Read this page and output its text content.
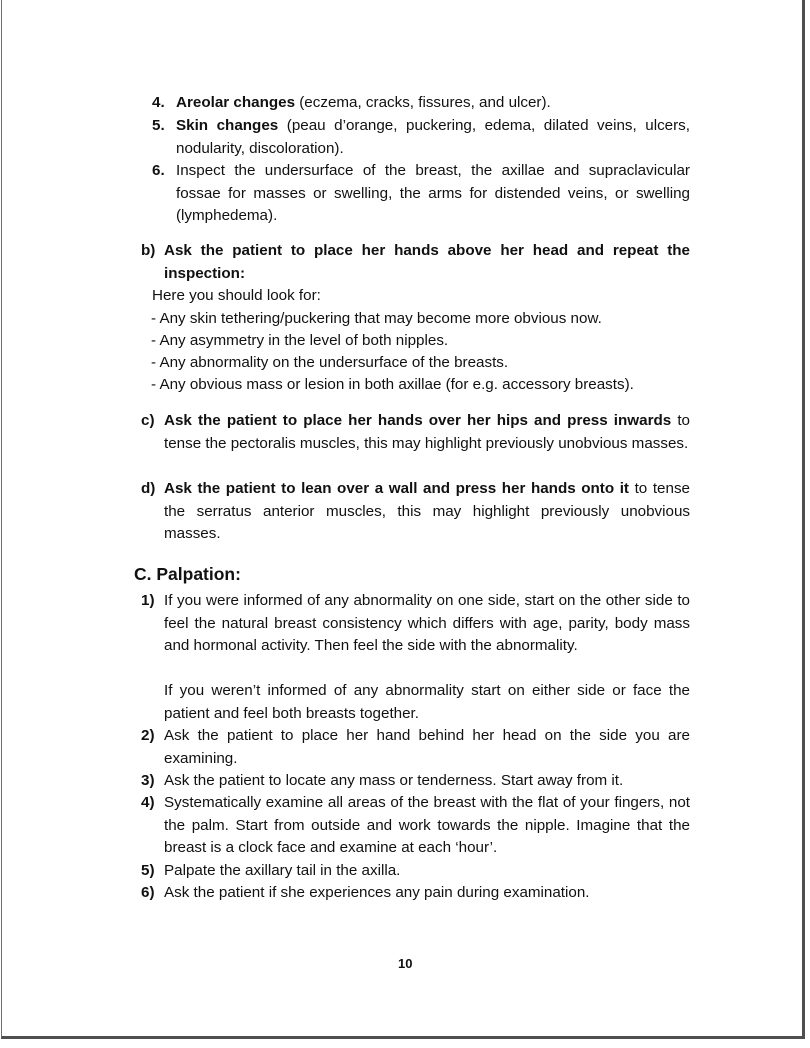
4. Areolar changes (eczema, cracks, fissures, and ulcer).
5. Skin changes (peau d’orange, puckering, edema, dilated veins, ulcers, nodularity, discoloration).
6. Inspect the undersurface of the breast, the axillae and supraclavicular fossae for masses or swelling, the arms for distended veins, or swelling (lymphedema).
b) Ask the patient to place her hands above her head and repeat the inspection:
Here you should look for:
- Any skin tethering/puckering that may become more obvious now.
- Any asymmetry in the level of both nipples.
- Any abnormality on the undersurface of the breasts.
- Any obvious mass or lesion in both axillae (for e.g. accessory breasts).
c) Ask the patient to place her hands over her hips and press inwards to tense the pectoralis muscles, this may highlight previously unobvious masses.
d) Ask the patient to lean over a wall and press her hands onto it to tense the serratus anterior muscles, this may highlight previously unobvious masses.
C. Palpation:
1) If you were informed of any abnormality on one side, start on the other side to feel the natural breast consistency which differs with age, parity, body mass and hormonal activity. Then feel the side with the abnormality.
If you weren’t informed of any abnormality start on either side or face the patient and feel both breasts together.
2) Ask the patient to place her hand behind her head on the side you are examining.
3) Ask the patient to locate any mass or tenderness. Start away from it.
4) Systematically examine all areas of the breast with the flat of your fingers, not the palm. Start from outside and work towards the nipple. Imagine that the breast is a clock face and examine at each ‘hour’.
5) Palpate the axillary tail in the axilla.
6) Ask the patient if she experiences any pain during examination.
10
